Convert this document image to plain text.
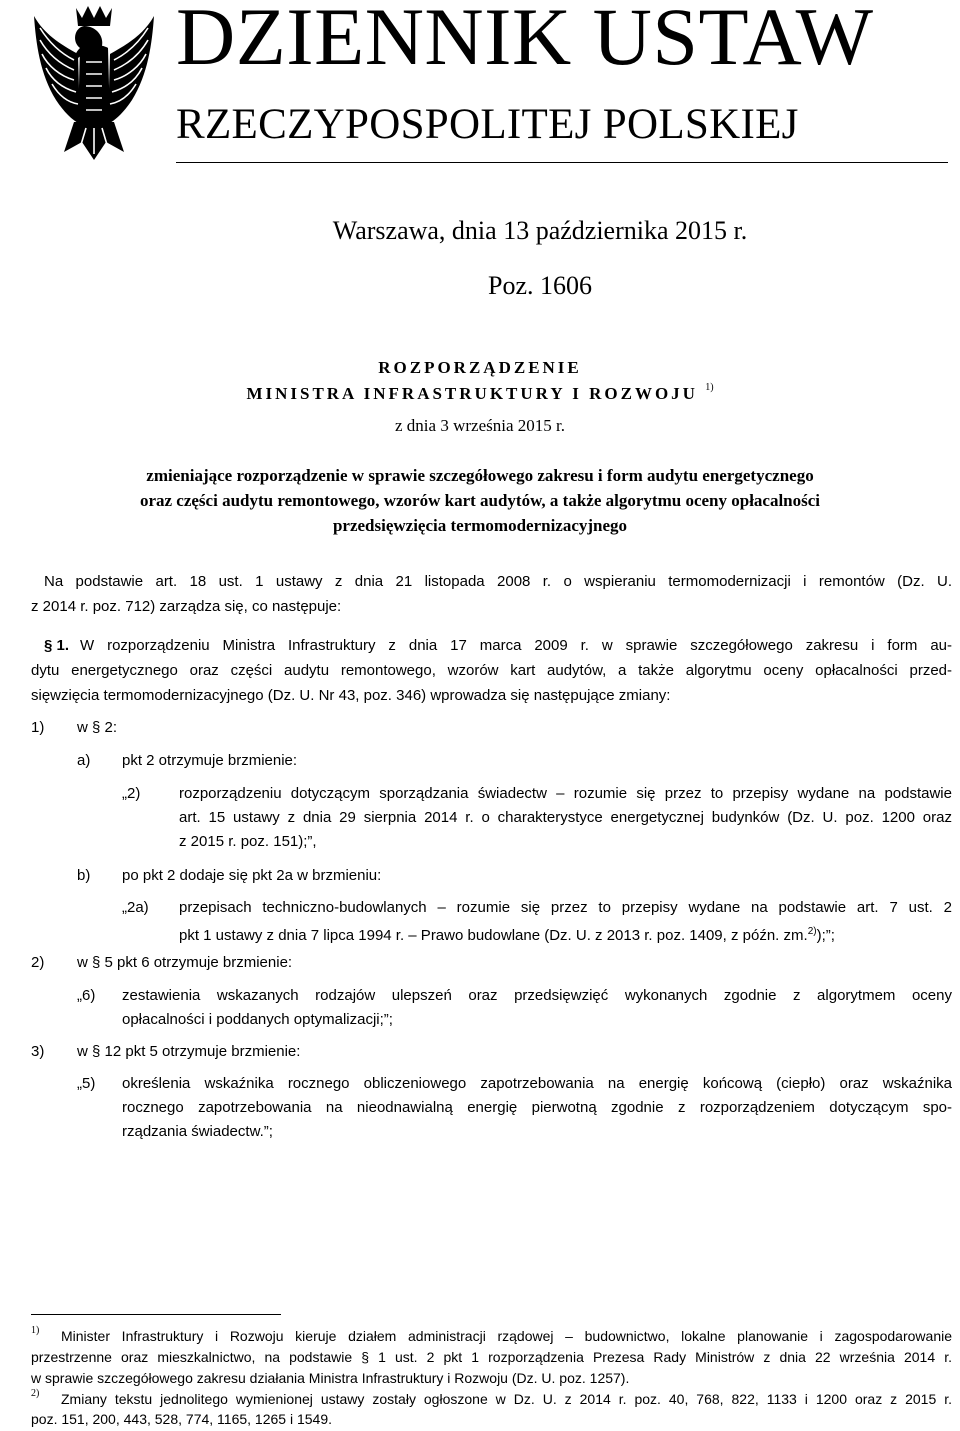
DZIENNIK USTAW
RZECZYPOSPOLITEJ POLSKIEJ
Warszawa, dnia 13 października 2015 r.
Poz. 1606
ROZPORZĄDZENIE
MINISTRA INFRASTRUKTURY I ROZWOJU $^{1)}$
z dnia 3 września 2015 r.
zmieniające rozporządzenie w sprawie szczegółowego zakresu i form audytu energetycznego
oraz części audytu remontowego, wzorów kart audytów, a także algorytmu oceny opłacalności
przedsięwzięcia termomodernizacyjnego
Na podstawie art. 18 ust. 1 ustawy z dnia 21 listopada 2008 r. o wspieraniu termomodernizacji i remontów (Dz. U.
z 2014 r. poz. 712) zarządza się, co następuje:
§ 1. W rozporządzeniu Ministra Infrastruktury z dnia 17 marca 2009 r. w sprawie szczegółowego zakresu i form au-
dytu energetycznego oraz części audytu remontowego, wzorów kart audytów, a także algorytmu oceny opłacalności przed-
sięwzięcia termomodernizacyjnego (Dz. U. Nr 43, poz. 346) wprowadza się następujące zmiany:
1) w § 2:
a) pkt 2 otrzymuje brzmienie:
„2)	rozporządzeniu dotyczącym sporządzania świadectw – rozumie się przez to przepisy wydane na podstawie
art. 15 ustawy z dnia 29 sierpnia 2014 r. o charakterystyce energetycznej budynków (Dz. U. poz. 1200 oraz
z 2015 r. poz. 151);”,
b) po pkt 2 dodaje się pkt 2a w brzmieniu:
„2a) przepisach techniczno-budowlanych – rozumie się przez to przepisy wydane na podstawie art. 7 ust. 2
pkt 1 ustawy z dnia 7 lipca 1994 r. – Prawo budowlane (Dz. U. z 2013 r. poz. 1409, z późn. zm.$^{2)}$);”;
2) w § 5 pkt 6 otrzymuje brzmienie:
„6) zestawienia wskazanych rodzajów ulepszeń oraz przedsięwzięć wykonanych zgodnie z algorytmem oceny
opłacalności i poddanych optymalizacji;”;
3) w § 12 pkt 5 otrzymuje brzmienie:
„5) określenia wskaźnika rocznego obliczeniowego zapotrzebowania na energię końcową (ciepło) oraz wskaźnika
rocznego zapotrzebowania na nieodnawialną energię pierwotną zgodnie z rozporządzeniem dotyczącym spo-
rządzania świadectw.”;
1) Minister Infrastruktury i Rozwoju kieruje działem administracji rządowej – budownictwo, lokalne planowanie i zagospodarowanie
przestrzenne oraz mieszkalnictwo, na podstawie § 1 ust. 2 pkt 1 rozporządzenia Prezesa Rady Ministrów z dnia 22 września 2014 r.
w sprawie szczegółowego zakresu działania Ministra Infrastruktury i Rozwoju (Dz. U. poz. 1257).
2) Zmiany tekstu jednolitego wymienionej ustawy zostały ogłoszone w Dz. U. z 2014 r. poz. 40, 768, 822, 1133 i 1200 oraz z 2015 r.
poz. 151, 200, 443, 528, 774, 1165, 1265 i 1549.
